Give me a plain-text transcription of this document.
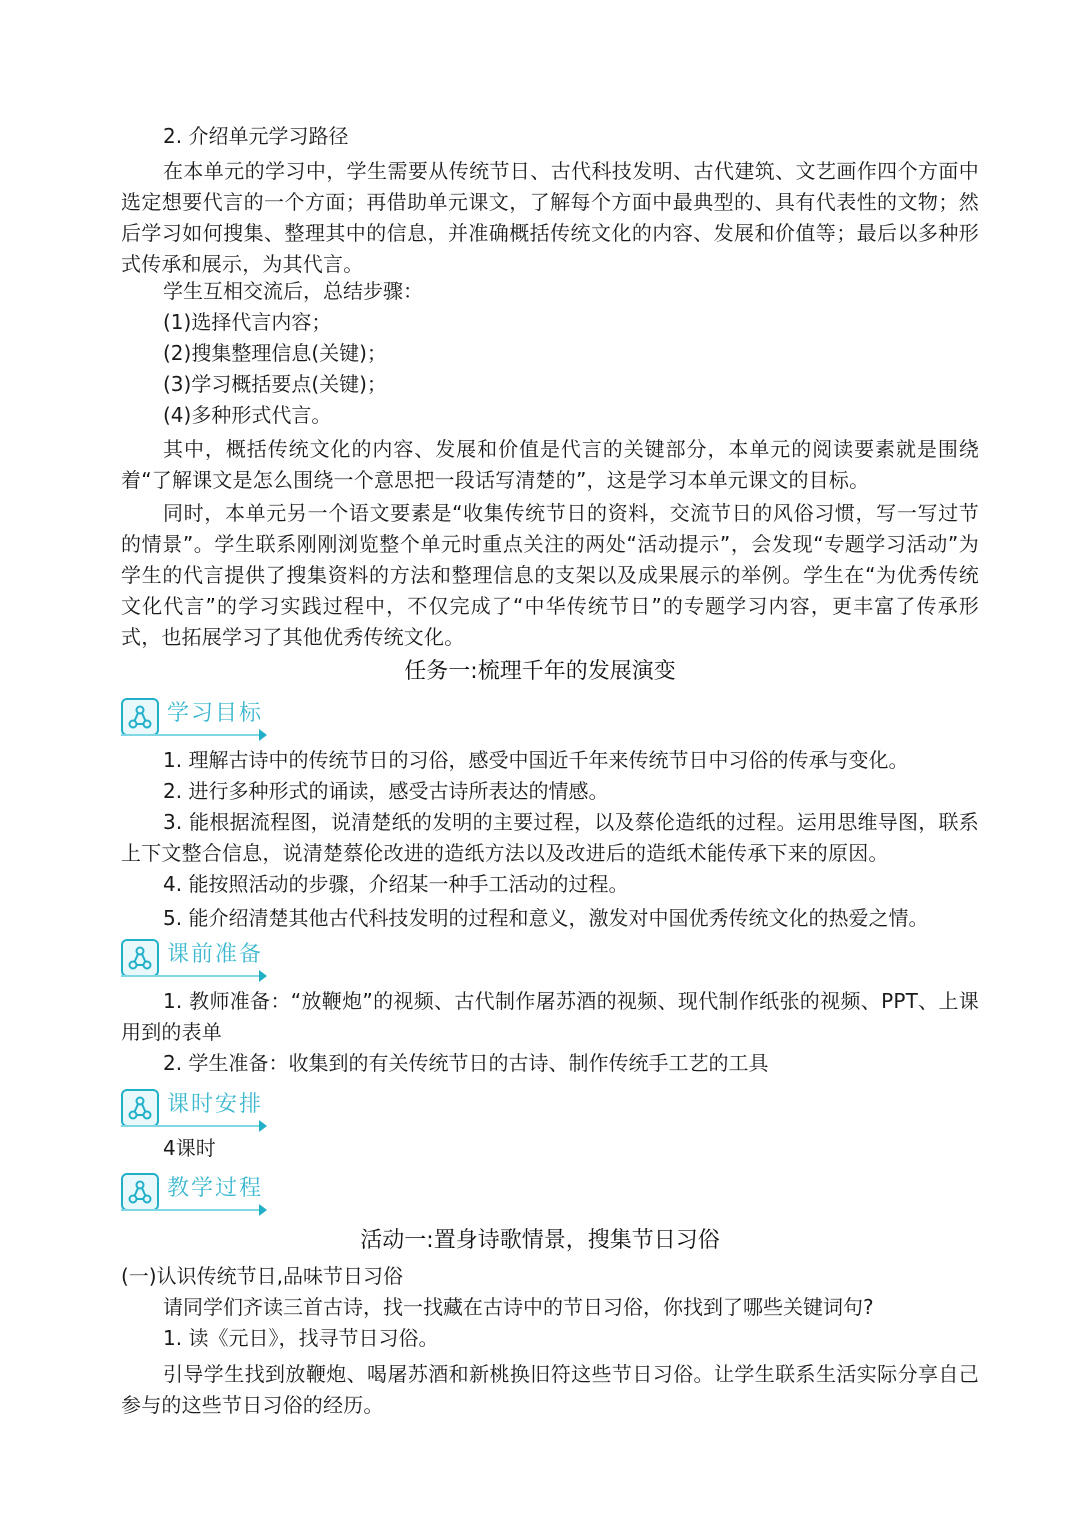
2. 介绍单元学习路径

在本单元的学习中，学生需要从传统节日、古代科技发明、古代建筑、文艺画作四个方面中选定想要代言的一个方面；再借助单元课文，了解每个方面中最典型的、具有代表性的文物；然后学习如何搜集、整理其中的信息，并准确概括传统文化的内容、发展和价值等；最后以多种形式传承和展示，为其代言。

学生互相交流后，总结步骤：

(1)选择代言内容；

(2)搜集整理信息(关键)；

(3)学习概括要点(关键)；

(4)多种形式代言。

其中，概括传统文化的内容、发展和价值是代言的关键部分，本单元的阅读要素就是围绕着“了解课文是怎么围绕一个意思把一段话写清楚的”，这是学习本单元课文的目标。

同时，本单元另一个语文要素是“收集传统节日的资料，交流节日的风俗习惯，写一写过节的情景”。学生联系刚刚浏览整个单元时重点关注的两处“活动提示”，会发现“专题学习活动”为学生的代言提供了搜集资料的方法和整理信息的支架以及成果展示的举例。学生在“为优秀传统文化代言”的学习实践过程中，不仅完成了“中华传统节日”的专题学习内容，更丰富了传承形式，也拓展学习了其他优秀传统文化。

任务一:梳理千年的发展演变

学习目标

1. 理解古诗中的传统节日的习俗，感受中国近千年来传统节日中习俗的传承与变化。

2. 进行多种形式的诵读，感受古诗所表达的情感。

3. 能根据流程图，说清楚纸的发明的主要过程，以及蔡伦造纸的过程。运用思维导图，联系上下文整合信息，说清楚蔡伦改进的造纸方法以及改进后的造纸术能传承下来的原因。

4. 能按照活动的步骤，介绍某一种手工活动的过程。

5. 能介绍清楚其他古代科技发明的过程和意义，激发对中国优秀传统文化的热爱之情。

课前准备

1. 教师准备：“放鞭炮”的视频、古代制作屠苏酒的视频、现代制作纸张的视频、PPT、上课用到的表单

2. 学生准备：收集到的有关传统节日的古诗、制作传统手工艺的工具

课时安排

4课时

教学过程

活动一:置身诗歌情景，搜集节日习俗

(一)认识传统节日,品味节日习俗

请同学们齐读三首古诗，找一找藏在古诗中的节日习俗，你找到了哪些关键词句?

1. 读《元日》，找寻节日习俗。

引导学生找到放鞭炮、喝屠苏酒和新桃换旧符这些节日习俗。让学生联系生活实际分享自己参与的这些节日习俗的经历。
